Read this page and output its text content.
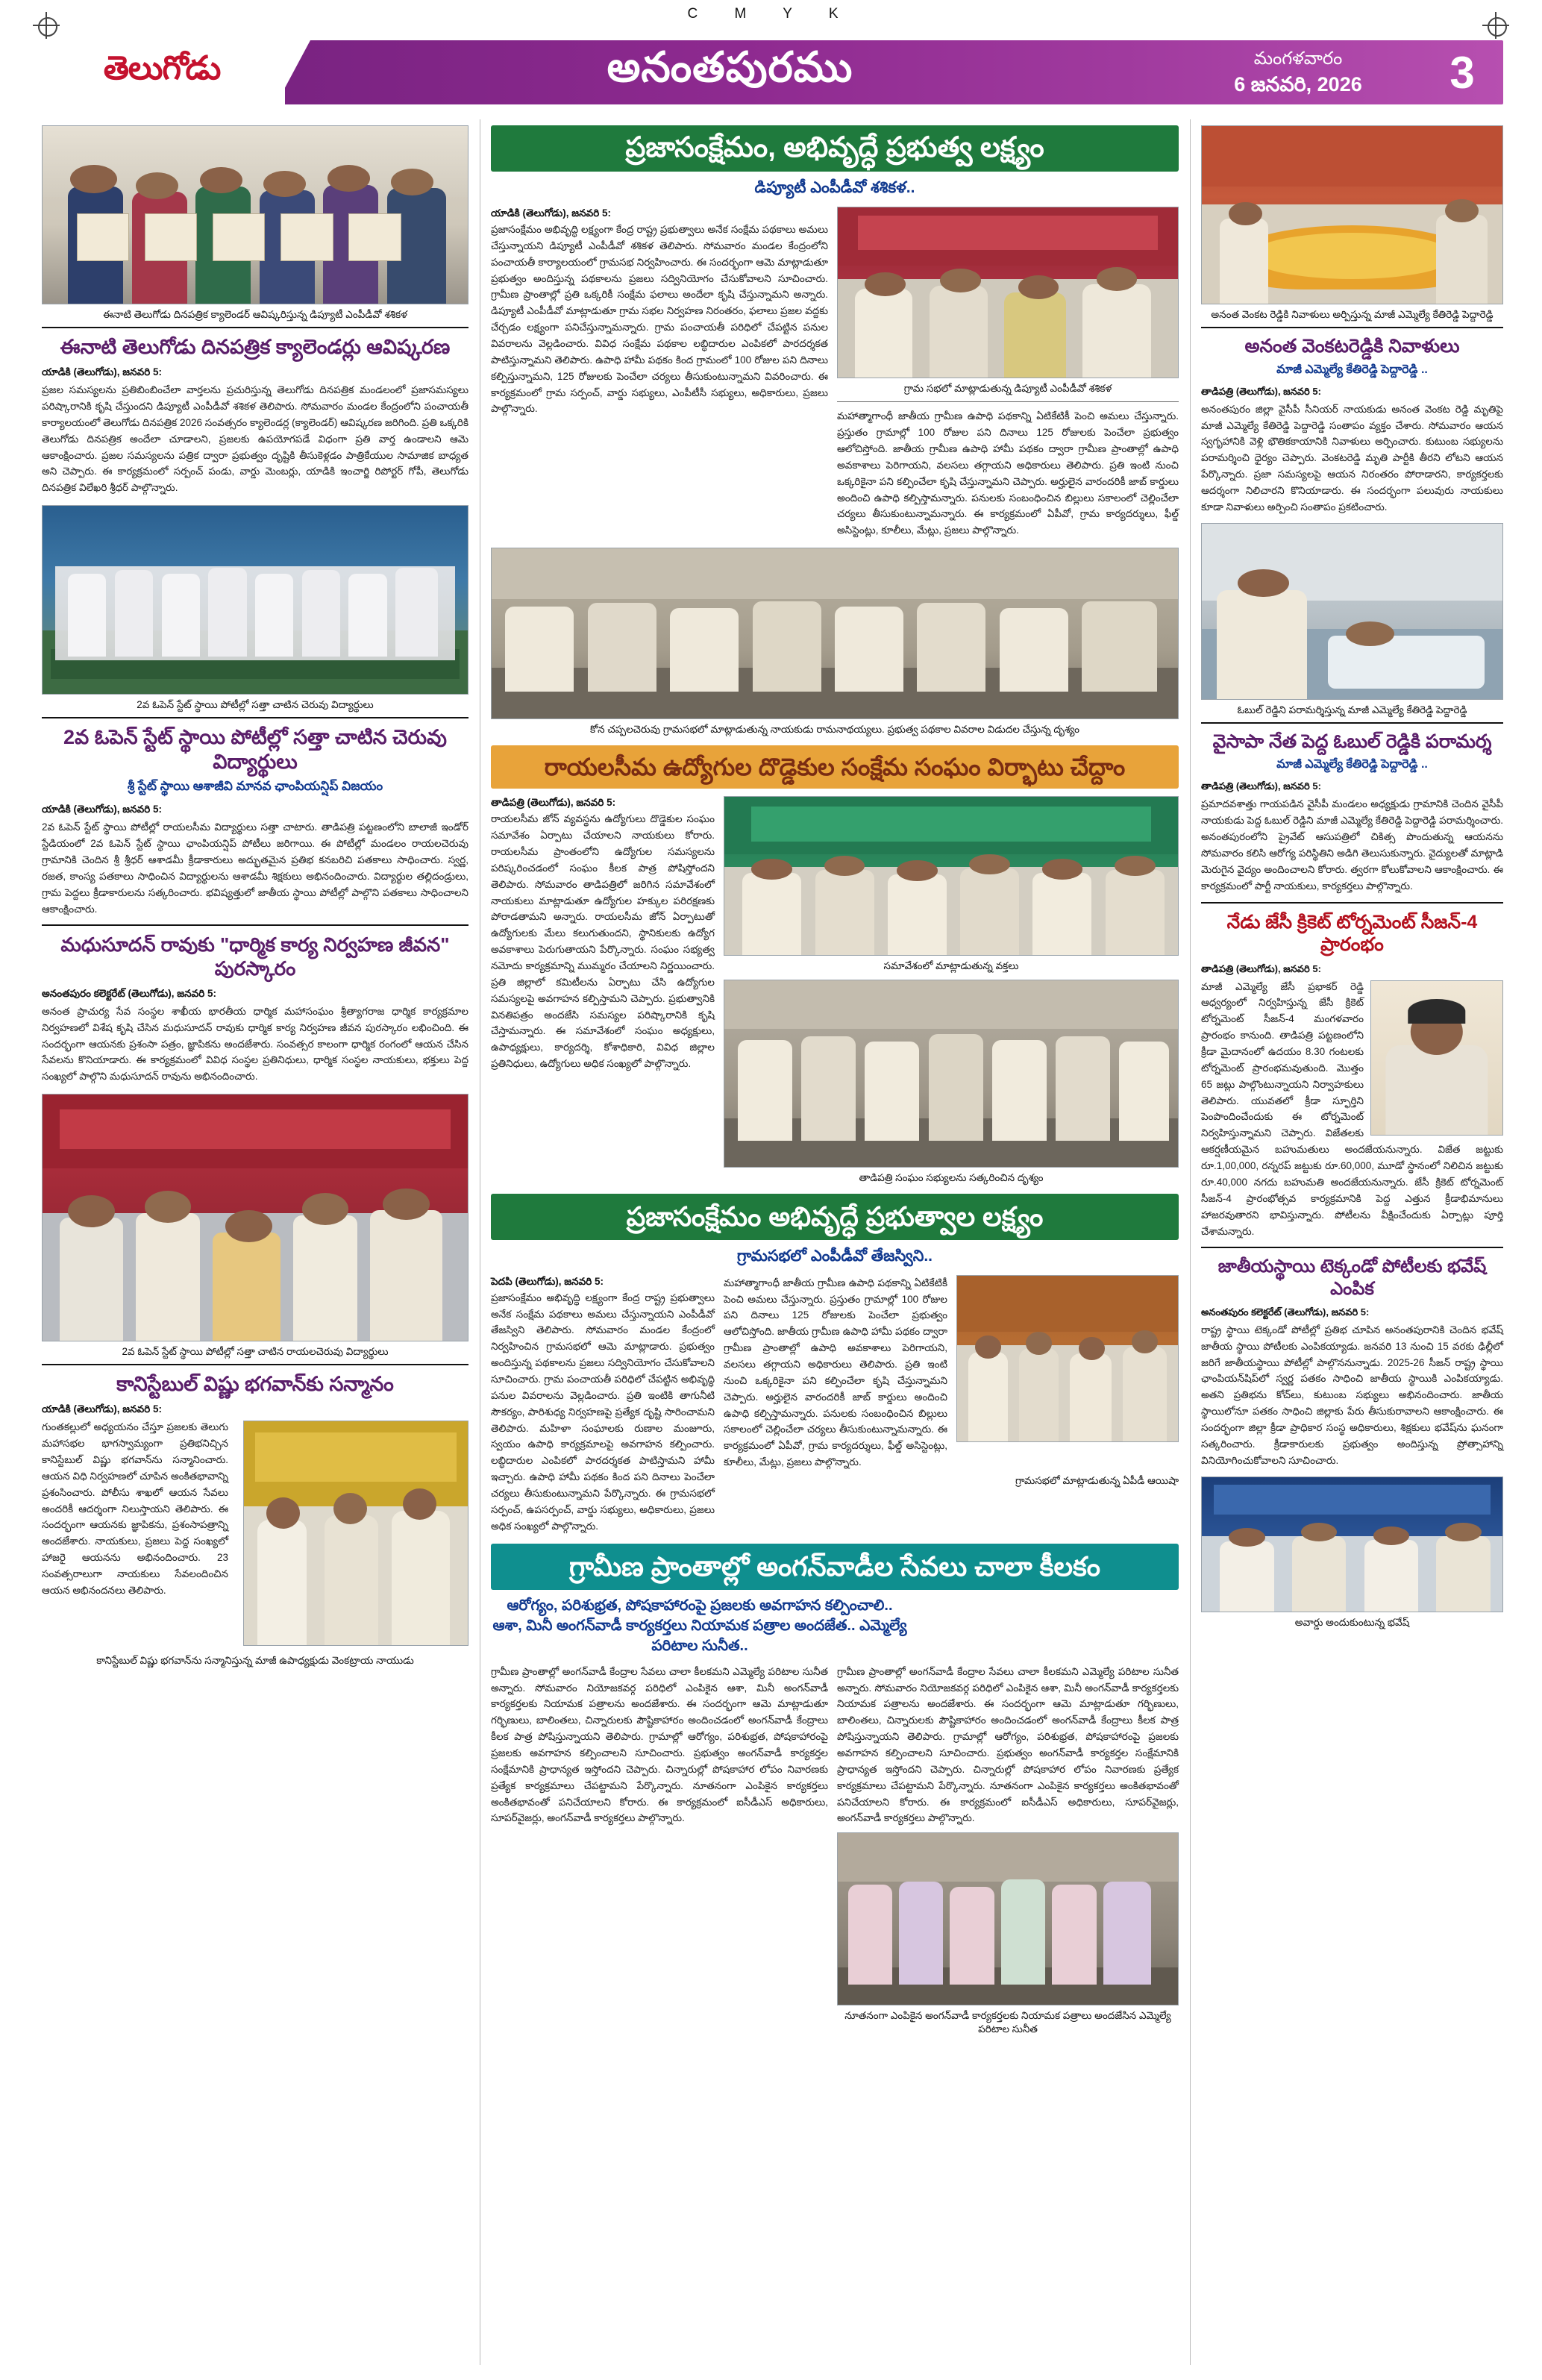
C M Y K
తెలుగోడు	అనంతపురము	మంగళవారం
6 జనవరి, 2026	3
ఈనాటి తెలుగోడు దినపత్రిక క్యాలెండర్ ఆవిష్కరిస్తున్న డిప్యూటీ ఎంపీడీవో శశికళ
ఈనాటి తెలుగోడు దినపత్రిక క్యాలెండర్లు ఆవిష్కరణ
యాడికి (తెలుగోడు), జనవరి 5:
ప్రజల సమస్యలను ప్రతిబింబించేలా వార్తలను ప్రచురిస్తున్న తెలుగోడు దినపత్రిక మండలంలో ప్రజాసమస్యలు పరిష్కారానికి కృషి చేస్తుందని డిప్యూటీ ఎంపీడీవో శశికళ తెలిపారు. సోమవారం మండల కేంద్రంలోని పంచాయతీ కార్యాలయంలో తెలుగోడు దినపత్రిక 2026 సంవత్సరం క్యాలెండర్ల (క్యాలెండర్) ఆవిష్కరణ జరిగింది. ప్రతి ఒక్కరికి తెలుగోడు దినపత్రిక అందేలా చూడాలని, ప్రజలకు ఉపయోగపడే విధంగా ప్రతి వార్త ఉండాలని ఆమె ఆకాంక్షించారు. ప్రజల సమస్యలను పత్రిక ద్వారా ప్రభుత్వం దృష్టికి తీసుకెళ్లడం పాత్రికేయుల సామాజిక బాధ్యత అని చెప్పారు. ఈ కార్యక్రమంలో సర్పంచ్ పండు, వార్డు మెంబర్లు, యాడికి ఇంచార్జి రిపోర్టర్ గోపీ, తెలుగోడు దినపత్రిక విలేఖరి శ్రీధర్ పాల్గొన్నారు.
2వ ఓపెన్ స్టేట్ స్థాయి పోటీల్లో సత్తా చాటిన చెరువు విద్యార్థులు
2వ ఓపెన్ స్టేట్ స్థాయి పోటీల్లో సత్తా చాటిన చెరువు విద్యార్థులు
శ్రీ స్టేట్ స్థాయి ఆశాజీవి మానవ ఛాంపియన్షిప్ విజయం
యాడికి (తెలుగోడు), జనవరి 5:
2వ ఓపెన్ స్టేట్ స్థాయి పోటీల్లో రాయలసీమ విద్యార్థులు సత్తా చాటారు. తాడిపత్రి పట్టణంలోని బాలాజీ ఇండోర్ స్టేడియంలో 2వ ఓపెన్ స్టేట్ స్థాయి ఛాంపియన్షిప్ పోటీలు జరిగాయి. ఈ పోటీల్లో మండలం రాయలచెరువు గ్రామానికి చెందిన శ్రీ శ్రీధర్ ఆశాడమీ క్రీడాకారులు అద్భుతమైన ప్రతిభ కనబరిచి పతకాలు సాధించారు. స్వర్ణ, రజత, కాంస్య పతకాలు సాధించిన విద్యార్థులను ఆశాడమీ శిక్షకులు అభినందించారు. విద్యార్థుల తల్లిదండ్రులు, గ్రామ పెద్దలు క్రీడాకారులను సత్కరించారు. భవిష్యత్తులో జాతీయ స్థాయి పోటీల్లో పాల్గొని పతకాలు సాధించాలని ఆకాంక్షించారు.
మధుసూదన్ రావుకు "ధార్మిక కార్య నిర్వహణ జీవన" పురస్కారం
అనంతపురం కలెక్టరేట్ (తెలుగోడు), జనవరి 5:
అనంత ప్రాచుర్య సేవ సంస్థల శాఖీయ భారతీయ ధార్మిక మహాసంఘం శ్రీత్యాగరాజ ధార్మిక కార్యక్రమాల నిర్వహణలో విశేష కృషి చేసిన మధుసూదన్ రావుకు ధార్మిక కార్య నిర్వహణ జీవన పురస్కారం లభించింది. ఈ సందర్భంగా ఆయనకు ప్రశంసా పత్రం, జ్ఞాపికను అందజేశారు. సంవత్సర కాలంగా ధార్మిక రంగంలో ఆయన చేసిన సేవలను కొనియాడారు. ఈ కార్యక్రమంలో వివిధ సంస్థల ప్రతినిధులు, ధార్మిక సంస్థల నాయకులు, భక్తులు పెద్ద సంఖ్యలో పాల్గొని మధుసూదన్ రావును అభినందించారు.
2వ ఓపెన్ స్టేట్ స్థాయి పోటీల్లో సత్తా చాటిన రాయలచెరువు విద్యార్థులు
కానిస్టేబుల్ విష్ణు భగవాన్‌కు సన్మానం
యాడికి (తెలుగోడు), జనవరి 5:
గుంతకల్లులో అధ్యయనం చేస్తూ ప్రజలకు తెలుగు మహాసభల భాగస్వామ్యంగా ప్రతిభనిచ్చిన కానిస్టేబుల్ విష్ణు భగవాన్‌ను సన్మానించారు. ఆయన విధి నిర్వహణలో చూపిన అంకితభావాన్ని ప్రశంసించారు. పోలీసు శాఖలో ఆయన సేవలు అందరికీ ఆదర్శంగా నిలుస్తాయని తెలిపారు. ఈ సందర్భంగా ఆయనకు జ్ఞాపికను, ప్రశంసాపత్రాన్ని అందజేశారు. నాయకులు, ప్రజలు పెద్ద సంఖ్యలో హాజరై ఆయనను అభినందించారు. 23 సంవత్సరాలుగా నాయకులు సేవలందించిన ఆయన అభినందనలు తెలిపారు.
కానిస్టేబుల్ విష్ణు భగవాన్‌ను సన్మానిస్తున్న మాజీ ఉపాధ్యక్షుడు వెంకట్రాయ నాయుడు
ప్రజాసంక్షేమం, అభివృద్ధే ప్రభుత్వ లక్ష్యం
డిప్యూటీ ఎంపీడీవో శశికళ..
యాడికి (తెలుగోడు), జనవరి 5:
ప్రజాసంక్షేమం అభివృద్ధి లక్ష్యంగా కేంద్ర రాష్ట్ర ప్రభుత్వాలు అనేక సంక్షేమ పథకాలు అమలు చేస్తున్నాయని డిప్యూటీ ఎంపీడీవో శశికళ తెలిపారు. సోమవారం మండల కేంద్రంలోని పంచాయతీ కార్యాలయంలో గ్రామసభ నిర్వహించారు. ఈ సందర్భంగా ఆమె మాట్లాడుతూ ప్రభుత్వం అందిస్తున్న పథకాలను ప్రజలు సద్వినియోగం చేసుకోవాలని సూచించారు. గ్రామీణ ప్రాంతాల్లో ప్రతి ఒక్కరికీ సంక్షేమ ఫలాలు అందేలా కృషి చేస్తున్నామని అన్నారు. డిప్యూటీ ఎంపీడీవో మాట్లాడుతూ గ్రామ సభల నిర్వహణ నిరంతరం, ఫలాలు ప్రజల వద్దకు చేర్చడం లక్ష్యంగా పనిచేస్తున్నామన్నారు. గ్రామ పంచాయతీ పరిధిలో చేపట్టిన పనుల వివరాలను వెల్లడించారు. వివిధ సంక్షేమ పథకాల లబ్ధిదారుల ఎంపికలో పారదర్శకత పాటిస్తున్నామని తెలిపారు. ఉపాధి హామీ పథకం కింద గ్రామంలో 100 రోజుల పని దినాలు కల్పిస్తున్నామని, 125 రోజులకు పెంచేలా చర్యలు తీసుకుంటున్నామని వివరించారు. ఈ కార్యక్రమంలో గ్రామ సర్పంచ్, వార్డు సభ్యులు, ఎంపీటీసీ సభ్యులు, అధికారులు, ప్రజలు పాల్గొన్నారు.
గ్రామ సభలో మాట్లాడుతున్న డిప్యూటీ ఎంపీడీవో శశికళ
మహాత్మాగాంధీ జాతీయ గ్రామీణ ఉపాధి పథకాన్ని ఏటికేటికీ పెంచి అమలు చేస్తున్నారు. ప్రస్తుతం గ్రామాల్లో 100 రోజుల పని దినాలు 125 రోజులకు పెంచేలా ప్రభుత్వం ఆలోచిస్తోంది. జాతీయ గ్రామీణ ఉపాధి హామీ పథకం ద్వారా గ్రామీణ ప్రాంతాల్లో ఉపాధి అవకాశాలు పెరిగాయని, వలసలు తగ్గాయని అధికారులు తెలిపారు. ప్రతి ఇంటి నుంచి ఒక్కరికైనా పని కల్పించేలా కృషి చేస్తున్నామని చెప్పారు. అర్హులైన వారందరికీ జాబ్ కార్డులు అందించి ఉపాధి కల్పిస్తామన్నారు. పనులకు సంబంధించిన బిల్లులు సకాలంలో చెల్లించేలా చర్యలు తీసుకుంటున్నామన్నారు. ఈ కార్యక్రమంలో ఏపీవో, గ్రామ కార్యదర్శులు, ఫీల్డ్ అసిస్టెంట్లు, కూలీలు, మేట్లు, ప్రజలు పాల్గొన్నారు.
కోన చప్పలచెరువు గ్రామసభలో మాట్లాడుతున్న నాయకుడు రామనాథయ్యలు. ప్రభుత్వ పథకాల వివరాల విడుదల చేస్తున్న దృశ్యం
రాయలసీమ ఉద్యోగుల దొడ్డెకుల సంక్షేమ సంఘం విర్భాటు చేద్దాం
తాడిపత్రి (తెలుగోడు), జనవరి 5:
రాయలసీమ జోన్ వ్యవస్థను ఉద్యోగులు దొడ్డెకుల సంఘం సమావేశం ఏర్పాటు చేయాలని నాయకులు కోరారు. రాయలసీమ ప్రాంతంలోని ఉద్యోగుల సమస్యలను పరిష్కరించడంలో సంఘం కీలక పాత్ర పోషిస్తోందని తెలిపారు. సోమవారం తాడిపత్రిలో జరిగిన సమావేశంలో నాయకులు మాట్లాడుతూ ఉద్యోగుల హక్కుల పరిరక్షణకు పోరాడతామని అన్నారు. రాయలసీమ జోన్ ఏర్పాటుతో ఉద్యోగులకు మేలు కలుగుతుందని, స్థానికులకు ఉద్యోగ అవకాశాలు పెరుగుతాయని పేర్కొన్నారు. సంఘం సభ్యత్వ నమోదు కార్యక్రమాన్ని ముమ్మరం చేయాలని నిర్ణయించారు. ప్రతి జిల్లాలో కమిటీలను ఏర్పాటు చేసి ఉద్యోగుల సమస్యలపై అవగాహన కల్పిస్తామని చెప్పారు. ప్రభుత్వానికి వినతిపత్రం అందజేసి సమస్యల పరిష్కారానికి కృషి చేస్తామన్నారు. ఈ సమావేశంలో సంఘం అధ్యక్షులు, ఉపాధ్యక్షులు, కార్యదర్శి, కోశాధికారి, వివిధ జిల్లాల ప్రతినిధులు, ఉద్యోగులు అధిక సంఖ్యలో పాల్గొన్నారు.
సమావేశంలో మాట్లాడుతున్న వక్తలు
తాడిపత్రి సంఘం సభ్యులను సత్కరించిన దృశ్యం
ప్రజాసంక్షేమం అభివృద్ధే ప్రభుత్వాల లక్ష్యం
గ్రామసభలో ఎంపీడీవో తేజస్విని..
పెదపి (తెలుగోడు), జనవరి 5:
ప్రజాసంక్షేమం అభివృద్ధి లక్ష్యంగా కేంద్ర రాష్ట్ర ప్రభుత్వాలు అనేక సంక్షేమ పథకాలు అమలు చేస్తున్నాయని ఎంపీడీవో తేజస్విని తెలిపారు. సోమవారం మండల కేంద్రంలో నిర్వహించిన గ్రామసభలో ఆమె మాట్లాడారు. ప్రభుత్వం అందిస్తున్న పథకాలను ప్రజలు సద్వినియోగం చేసుకోవాలని సూచించారు. గ్రామ పంచాయతీ పరిధిలో చేపట్టిన అభివృద్ధి పనుల వివరాలను వెల్లడించారు. ప్రతి ఇంటికి తాగునీటి సౌకర్యం, పారిశుధ్య నిర్వహణపై ప్రత్యేక దృష్టి సారించామని తెలిపారు. మహిళా సంఘాలకు రుణాల మంజూరు, స్వయం ఉపాధి కార్యక్రమాలపై అవగాహన కల్పించారు. లబ్ధిదారుల ఎంపికలో పారదర్శకత పాటిస్తామని హామీ ఇచ్చారు. ఉపాధి హామీ పథకం కింద పని దినాలు పెంచేలా చర్యలు తీసుకుంటున్నామని పేర్కొన్నారు. ఈ గ్రామసభలో సర్పంచ్, ఉపసర్పంచ్, వార్డు సభ్యులు, అధికారులు, ప్రజలు అధిక సంఖ్యలో పాల్గొన్నారు.
మహాత్మాగాంధీ జాతీయ గ్రామీణ ఉపాధి పథకాన్ని ఏటికేటికీ పెంచి అమలు చేస్తున్నారు. ప్రస్తుతం గ్రామాల్లో 100 రోజుల పని దినాలు 125 రోజులకు పెంచేలా ప్రభుత్వం ఆలోచిస్తోంది. జాతీయ గ్రామీణ ఉపాధి హామీ పథకం ద్వారా గ్రామీణ ప్రాంతాల్లో ఉపాధి అవకాశాలు పెరిగాయని, వలసలు తగ్గాయని అధికారులు తెలిపారు. ప్రతి ఇంటి నుంచి ఒక్కరికైనా పని కల్పించేలా కృషి చేస్తున్నామని చెప్పారు. అర్హులైన వారందరికీ జాబ్ కార్డులు అందించి ఉపాధి కల్పిస్తామన్నారు. పనులకు సంబంధించిన బిల్లులు సకాలంలో చెల్లించేలా చర్యలు తీసుకుంటున్నామన్నారు. ఈ కార్యక్రమంలో ఏపీవో, గ్రామ కార్యదర్శులు, ఫీల్డ్ అసిస్టెంట్లు, కూలీలు, మేట్లు, ప్రజలు పాల్గొన్నారు.
గ్రామసభలో మాట్లాడుతున్న ఏపీడీ ఆయిషా
గ్రామీణ ప్రాంతాల్లో అంగన్‌వాడీల సేవలు చాలా కీలకం
ఆరోగ్యం, పరిశుభ్రత, పోషకాహారంపై ప్రజలకు అవగాహన కల్పించాలి.. ఆశా, మినీ అంగన్‌వాడీ కార్యకర్తలు నియామక పత్రాల అందజేత.. ఎమ్మెల్యే పరిటాల సునీత..
గ్రామీణ ప్రాంతాల్లో అంగన్‌వాడీ కేంద్రాల సేవలు చాలా కీలకమని ఎమ్మెల్యే పరిటాల సునీత అన్నారు. సోమవారం నియోజకవర్గ పరిధిలో ఎంపికైన ఆశా, మినీ అంగన్‌వాడీ కార్యకర్తలకు నియామక పత్రాలను అందజేశారు. ఈ సందర్భంగా ఆమె మాట్లాడుతూ గర్భిణులు, బాలింతలు, చిన్నారులకు పౌష్టికాహారం అందించడంలో అంగన్‌వాడీ కేంద్రాలు కీలక పాత్ర పోషిస్తున్నాయని తెలిపారు. గ్రామాల్లో ఆరోగ్యం, పరిశుభ్రత, పోషకాహారంపై ప్రజలకు అవగాహన కల్పించాలని సూచించారు. ప్రభుత్వం అంగన్‌వాడీ కార్యకర్తల సంక్షేమానికి ప్రాధాన్యత ఇస్తోందని చెప్పారు. చిన్నారుల్లో పోషకాహార లోపం నివారణకు ప్రత్యేక కార్యక్రమాలు చేపట్టామని పేర్కొన్నారు. నూతనంగా ఎంపికైన కార్యకర్తలు అంకితభావంతో పనిచేయాలని కోరారు. ఈ కార్యక్రమంలో ఐసీడీఎస్ అధికారులు, సూపర్‌వైజర్లు, అంగన్‌వాడీ కార్యకర్తలు పాల్గొన్నారు.
గ్రామీణ ప్రాంతాల్లో అంగన్‌వాడీ కేంద్రాల సేవలు చాలా కీలకమని ఎమ్మెల్యే పరిటాల సునీత అన్నారు. సోమవారం నియోజకవర్గ పరిధిలో ఎంపికైన ఆశా, మినీ అంగన్‌వాడీ కార్యకర్తలకు నియామక పత్రాలను అందజేశారు. ఈ సందర్భంగా ఆమె మాట్లాడుతూ గర్భిణులు, బాలింతలు, చిన్నారులకు పౌష్టికాహారం అందించడంలో అంగన్‌వాడీ కేంద్రాలు కీలక పాత్ర పోషిస్తున్నాయని తెలిపారు. గ్రామాల్లో ఆరోగ్యం, పరిశుభ్రత, పోషకాహారంపై ప్రజలకు అవగాహన కల్పించాలని సూచించారు. ప్రభుత్వం అంగన్‌వాడీ కార్యకర్తల సంక్షేమానికి ప్రాధాన్యత ఇస్తోందని చెప్పారు. చిన్నారుల్లో పోషకాహార లోపం నివారణకు ప్రత్యేక కార్యక్రమాలు చేపట్టామని పేర్కొన్నారు. నూతనంగా ఎంపికైన కార్యకర్తలు అంకితభావంతో పనిచేయాలని కోరారు. ఈ కార్యక్రమంలో ఐసీడీఎస్ అధికారులు, సూపర్‌వైజర్లు, అంగన్‌వాడీ కార్యకర్తలు పాల్గొన్నారు.
నూతనంగా ఎంపికైన అంగన్‌వాడీ కార్యకర్తలకు నియామక పత్రాలు అందజేసిన ఎమ్మెల్యే పరిటాల సునీత
అనంత వెంకట రెడ్డికి నివాళులు అర్పిస్తున్న మాజీ ఎమ్మెల్యే కేతిరెడ్డి పెద్దారెడ్డి
అనంత వెంకటరెడ్డికి నివాళులు
మాజీ ఎమ్మెల్యే కేతిరెడ్డి పెద్దారెడ్డి ..
తాడిపత్రి (తెలుగోడు), జనవరి 5:
అనంతపురం జిల్లా వైసీపీ సీనియర్ నాయకుడు అనంత వెంకట రెడ్డి మృతిపై మాజీ ఎమ్మెల్యే కేతిరెడ్డి పెద్దారెడ్డి సంతాపం వ్యక్తం చేశారు. సోమవారం ఆయన స్వగృహానికి వెళ్లి భౌతికకాయానికి నివాళులు అర్పించారు. కుటుంబ సభ్యులను పరామర్శించి ధైర్యం చెప్పారు. వెంకటరెడ్డి మృతి పార్టీకి తీరని లోటని ఆయన పేర్కొన్నారు. ప్రజా సమస్యలపై ఆయన నిరంతరం పోరాడారని, కార్యకర్తలకు ఆదర్శంగా నిలిచారని కొనియాడారు. ఈ సందర్భంగా పలువురు నాయకులు కూడా నివాళులు అర్పించి సంతాపం ప్రకటించారు.
ఓబుల్ రెడ్డిని పరామర్శిస్తున్న మాజీ ఎమ్మెల్యే కేతిరెడ్డి పెద్దారెడ్డి
వైసాపా నేత పెద్ద ఓబుల్ రెడ్డికి పరామర్శ
మాజీ ఎమ్మెల్యే కేతిరెడ్డి పెద్దారెడ్డి ..
తాడిపత్రి (తెలుగోడు), జనవరి 5:
ప్రమాదవశాత్తు గాయపడిన వైసీపీ మండలం అధ్యక్షుడు గ్రామానికి చెందిన వైసీపీ నాయకుడు పెద్ద ఓబుల్ రెడ్డిని మాజీ ఎమ్మెల్యే కేతిరెడ్డి పెద్దారెడ్డి పరామర్శించారు. అనంతపురంలోని ప్రైవేట్ ఆసుపత్రిలో చికిత్స పొందుతున్న ఆయనను సోమవారం కలిసి ఆరోగ్య పరిస్థితిని అడిగి తెలుసుకున్నారు. వైద్యులతో మాట్లాడి మెరుగైన వైద్యం అందించాలని కోరారు. త్వరగా కోలుకోవాలని ఆకాంక్షించారు. ఈ కార్యక్రమంలో పార్టీ నాయకులు, కార్యకర్తలు పాల్గొన్నారు.
నేడు జేసీ క్రికెట్ టోర్నమెంట్ సీజన్-4 ప్రారంభం
తాడిపత్రి (తెలుగోడు), జనవరి 5:
మాజీ ఎమ్మెల్యే జేసీ ప్రభాకర్ రెడ్డి ఆధ్వర్యంలో నిర్వహిస్తున్న జేసీ క్రికెట్ టోర్నమెంట్ సీజన్-4 మంగళవారం ప్రారంభం కానుంది. తాడిపత్రి పట్టణంలోని క్రీడా మైదానంలో ఉదయం 8.30 గంటలకు టోర్నమెంట్ ప్రారంభమవుతుంది. మొత్తం 65 జట్లు పాల్గొంటున్నాయని నిర్వాహకులు తెలిపారు. యువతలో క్రీడా స్ఫూర్తిని పెంపొందించేందుకు ఈ టోర్నమెంట్ నిర్వహిస్తున్నామని చెప్పారు. విజేతలకు ఆకర్షణీయమైన బహుమతులు అందజేయనున్నారు. విజేత జట్టుకు రూ.1,00,000, రన్నరప్ జట్టుకు రూ.60,000, మూడో స్థానంలో నిలిచిన జట్టుకు రూ.40,000 నగదు బహుమతి అందజేయనున్నారు. జేసీ క్రికెట్ టోర్నమెంట్ సీజన్-4 ప్రారంభోత్సవ కార్యక్రమానికి పెద్ద ఎత్తున క్రీడాభిమానులు హాజరవుతారని భావిస్తున్నారు. పోటీలను వీక్షించేందుకు ఏర్పాట్లు పూర్తి చేశామన్నారు.
జాతీయస్థాయి టెక్కండో పోటీలకు భవేష్ ఎంపిక
అనంతపురం కలెక్టరేట్ (తెలుగోడు), జనవరి 5:
రాష్ట్ర స్థాయి టెక్కండో పోటీల్లో ప్రతిభ చూపిన అనంతపురానికి చెందిన భవేష్ జాతీయ స్థాయి పోటీలకు ఎంపికయ్యాడు. జనవరి 13 నుంచి 15 వరకు ఢిల్లీలో జరిగే జాతీయస్థాయి పోటీల్లో పాల్గొననున్నాడు. 2025-26 సీజన్ రాష్ట్ర స్థాయి ఛాంపియన్‌షిప్‌లో స్వర్ణ పతకం సాధించి జాతీయ స్థాయికి ఎంపికయ్యాడు. అతని ప్రతిభను కోచ్‌లు, కుటుంబ సభ్యులు అభినందించారు. జాతీయ స్థాయిలోనూ పతకం సాధించి జిల్లాకు పేరు తీసుకురావాలని ఆకాంక్షించారు. ఈ సందర్భంగా జిల్లా క్రీడా ప్రాధికార సంస్థ అధికారులు, శిక్షకులు భవేష్‌ను ఘనంగా సత్కరించారు. క్రీడాకారులకు ప్రభుత్వం అందిస్తున్న ప్రోత్సాహాన్ని వినియోగించుకోవాలని సూచించారు.
అవార్డు అందుకుంటున్న భవేష్
